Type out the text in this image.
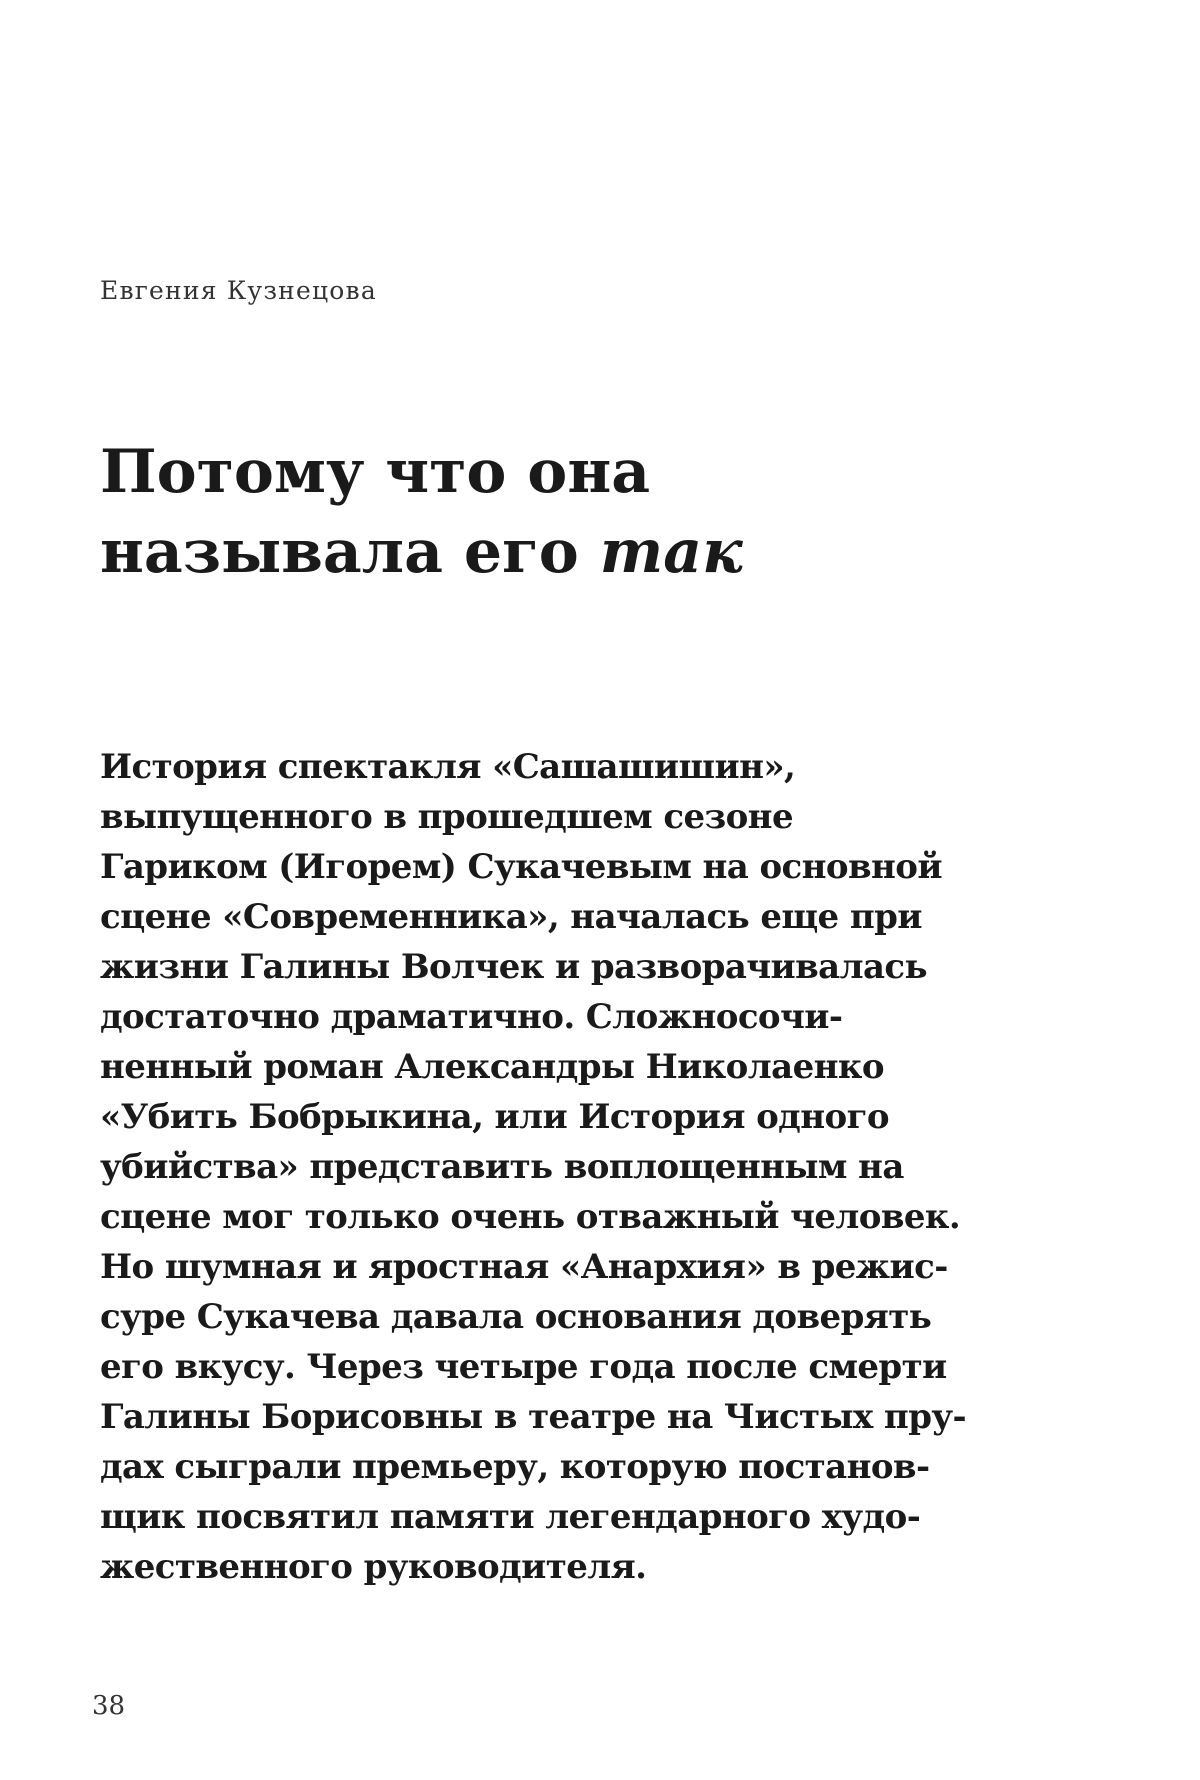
Евгения Кузнецова

Потому что она
называла его так

История спектакля «Сашашишин»,
выпущенного в прошедшем сезоне
Гариком (Игорем) Сукачевым на основной
сцене «Современника», началась еще при
жизни Галины Волчек и разворачивалась
достаточно драматично. Сложносочи-
ненный роман Александры Николаенко
«Убить Бобрыкина, или История одного
убийства» представить воплощенным на
сцене мог только очень отважный человек.
Но шумная и яростная «Анархия» в режис-
суре Сукачева давала основания доверять
его вкусу. Через четыре года после смерти
Галины Борисовны в театре на Чистых пру-
дах сыграли премьеру, которую постанов-
щик посвятил памяти легендарного худо-
жественного руководителя.

38
